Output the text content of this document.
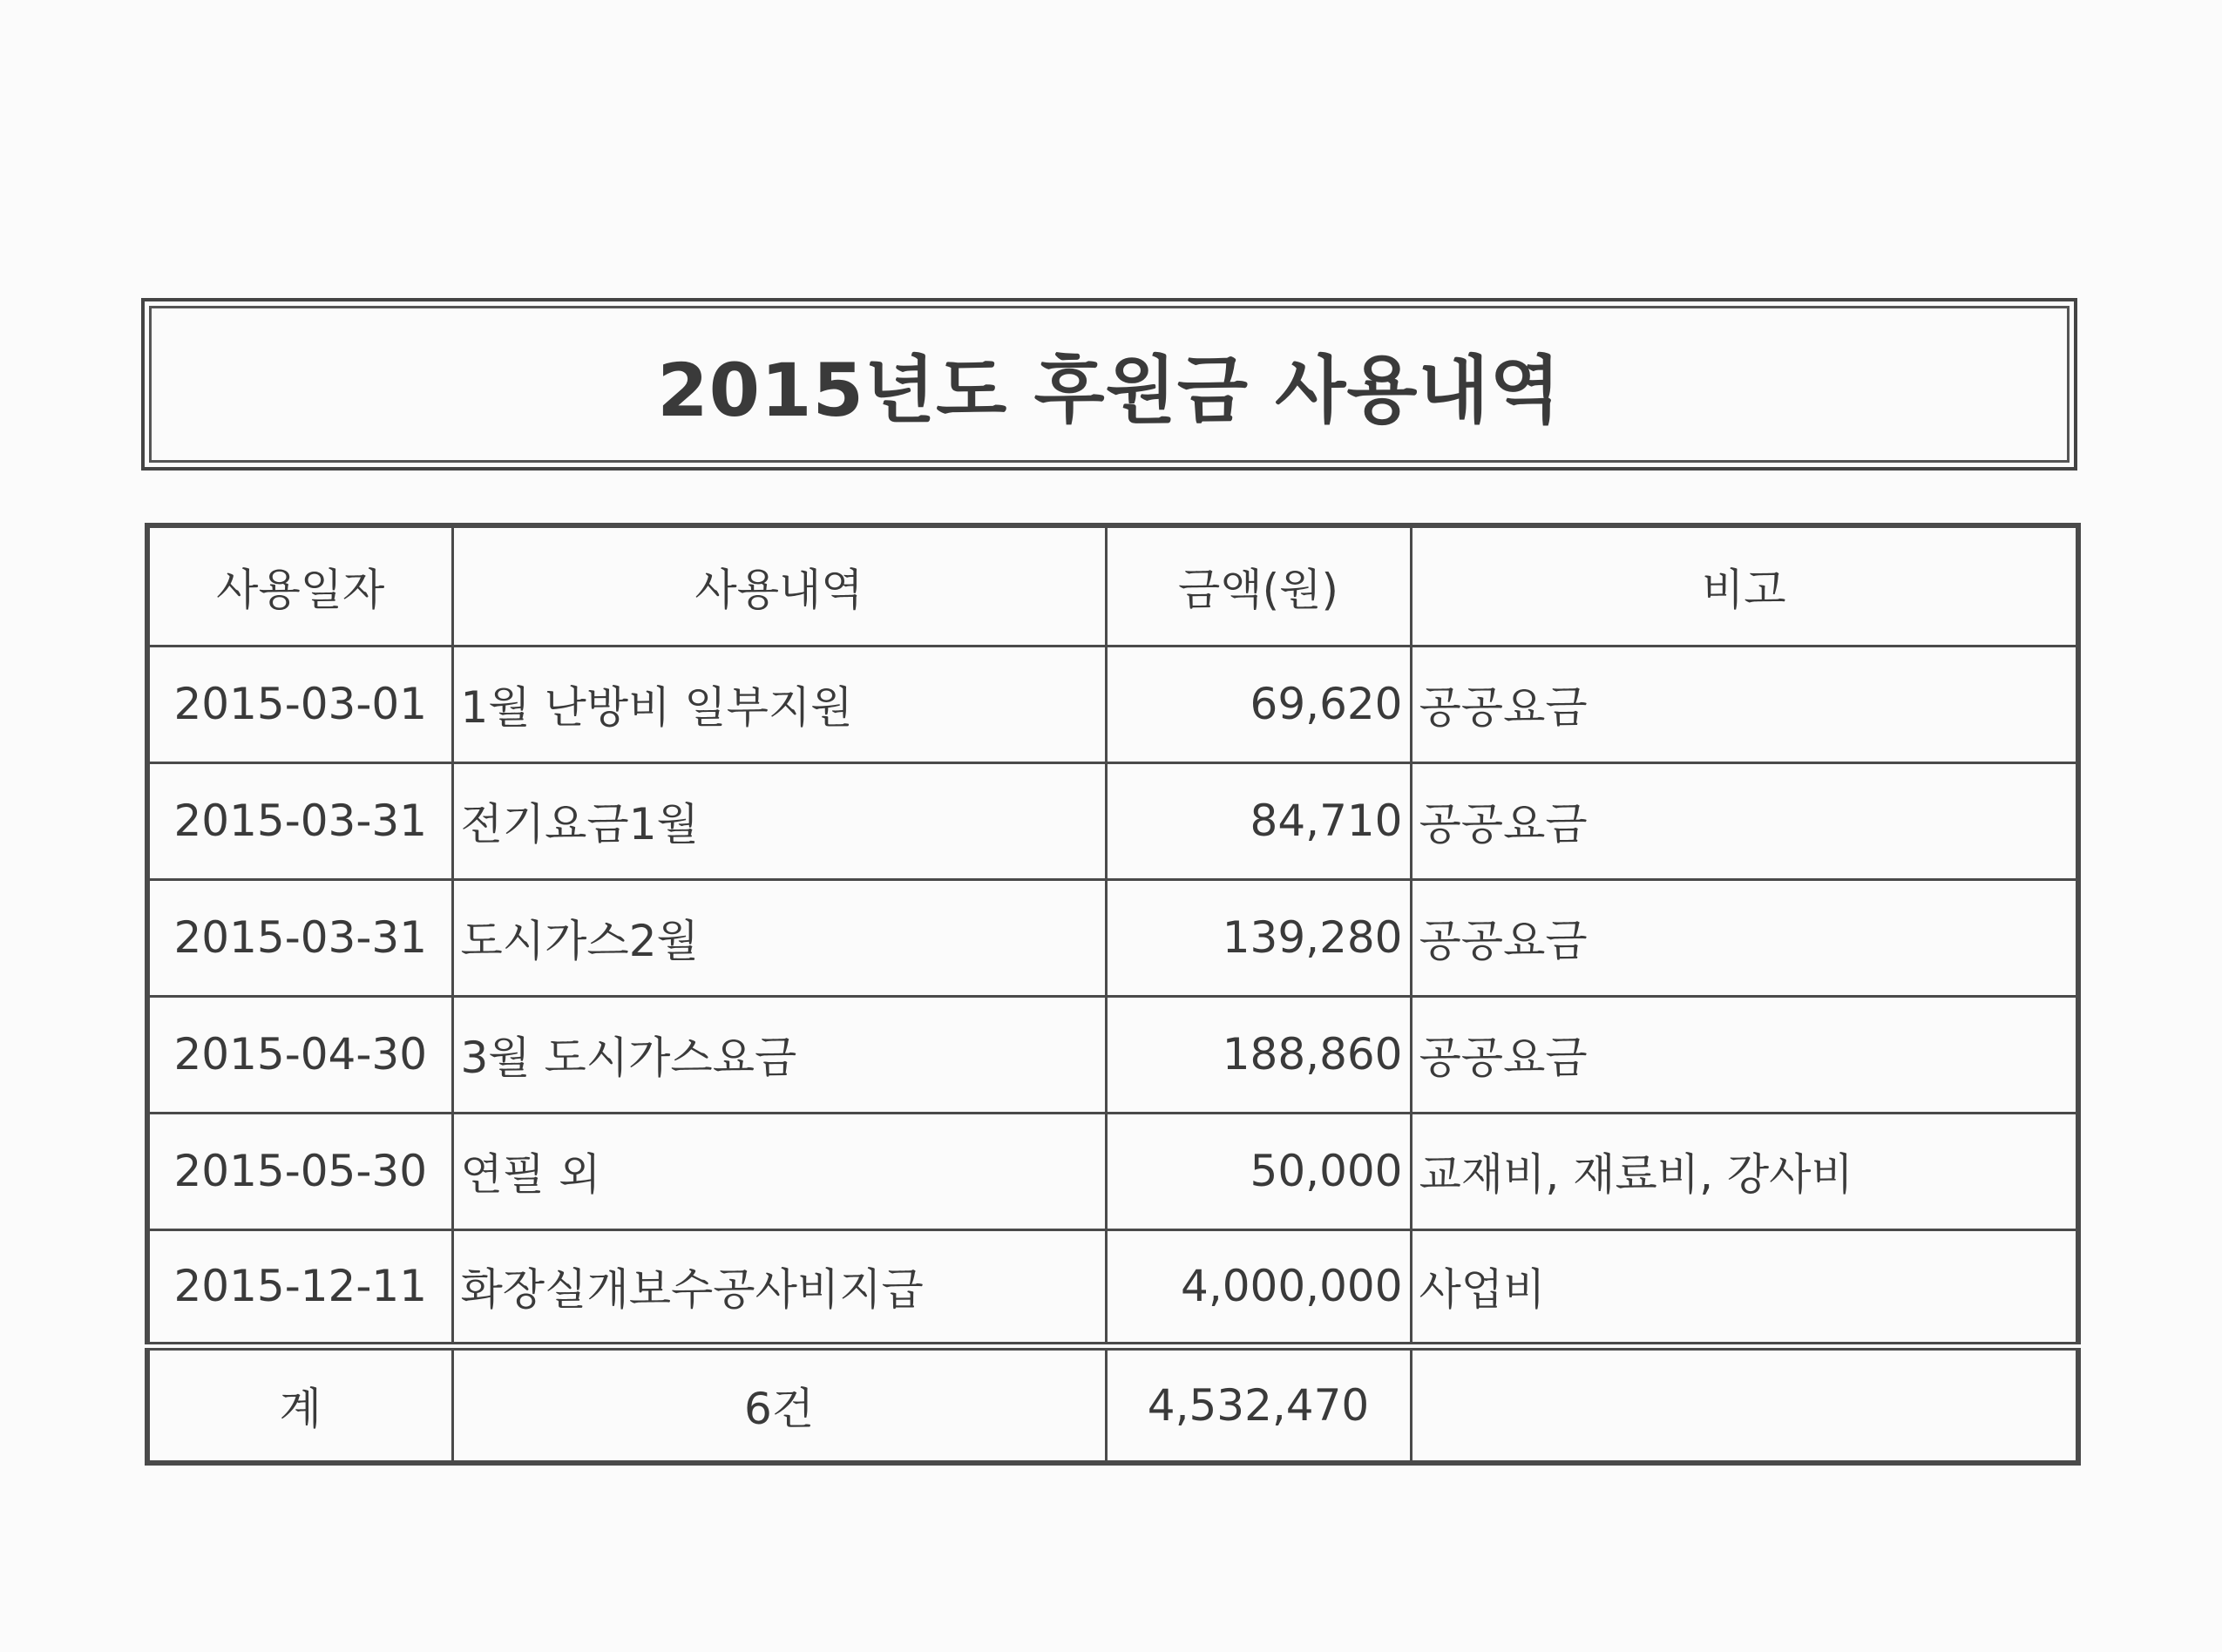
2015년도 후원금 사용내역
사용일자	사용내역	금액(원)	비고
2015-03-01	1월 난방비 일부지원	69,620	공공요금
2015-03-31	전기요금1월	84,710	공공요금
2015-03-31	도시가스2월	139,280	공공요금
2015-04-30	3월 도시가스요금	188,860	공공요금
2015-05-30	연필 외	50,000	교재비, 재료비, 강사비
2015-12-11	화장실개보수공사비지급	4,000,000	사업비
계	6건	4,532,470	
